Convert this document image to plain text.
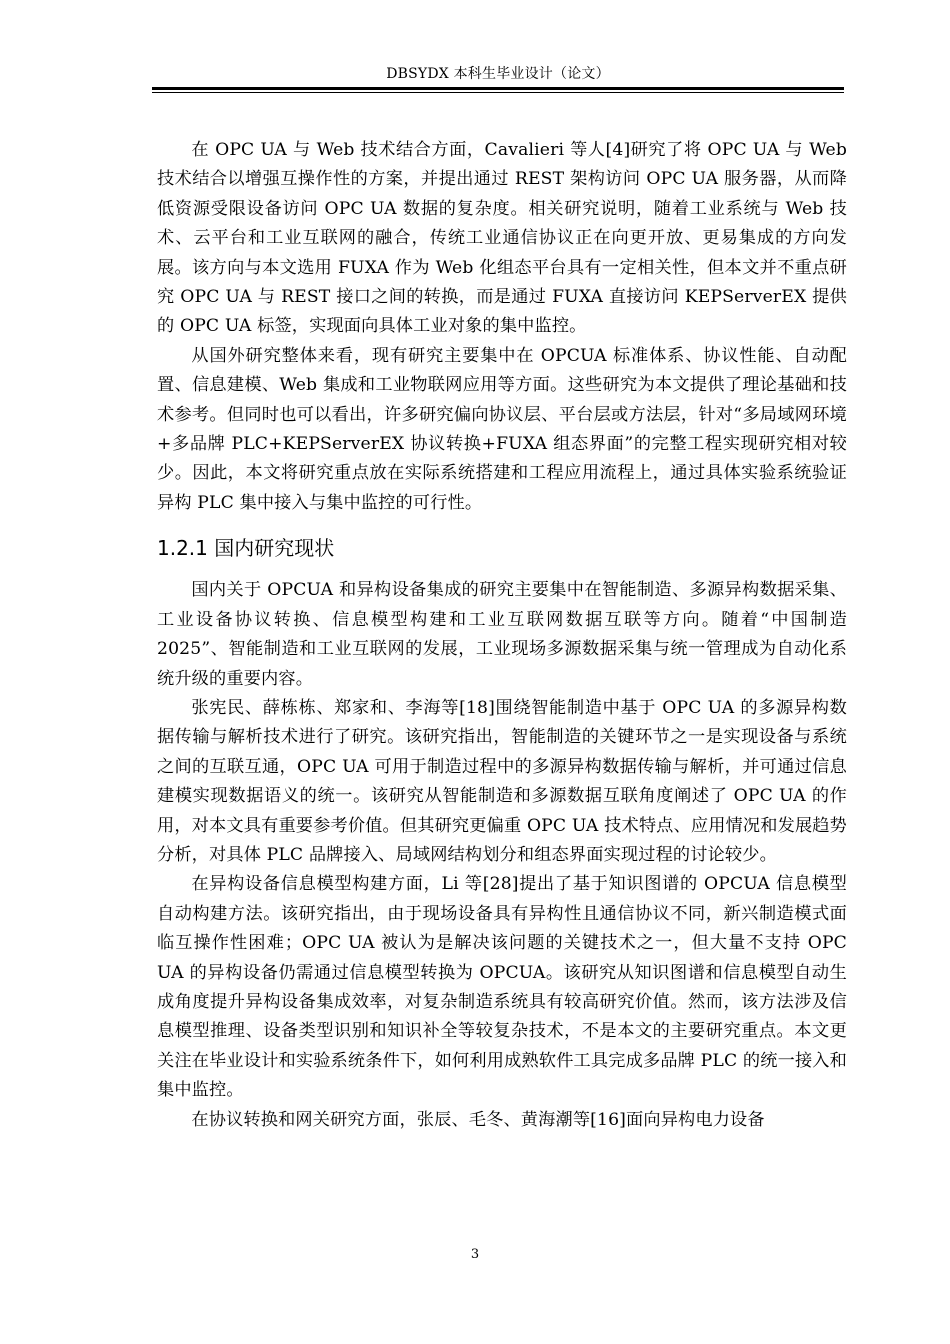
DBSYDX 本科生毕业设计（论文）

在 OPC UA 与 Web 技术结合方面，Cavalieri 等人[4]研究了将 OPC UA 与 Web 技术结合以增强互操作性的方案，并提出通过 REST 架构访问 OPC UA 服务器，从而降低资源受限设备访问 OPC UA 数据的复杂度。相关研究说明，随着工业系统与 Web 技术、云平台和工业互联网的融合，传统工业通信协议正在向更开放、更易集成的方向发展。该方向与本文选用 FUXA 作为 Web 化组态平台具有一定相关性，但本文并不重点研究 OPC UA 与 REST 接口之间的转换，而是通过 FUXA 直接访问 KEPServerEX 提供的 OPC UA 标签，实现面向具体工业对象的集中监控。

从国外研究整体来看，现有研究主要集中在 OPCUA 标准体系、协议性能、自动配置、信息建模、Web 集成和工业物联网应用等方面。这些研究为本文提供了理论基础和技术参考。但同时也可以看出，许多研究偏向协议层、平台层或方法层，针对“多局域网环境+多品牌 PLC+KEPServerEX 协议转换+FUXA 组态界面”的完整工程实现研究相对较少。因此，本文将研究重点放在实际系统搭建和工程应用流程上，通过具体实验系统验证异构 PLC 集中接入与集中监控的可行性。

1.2.1 国内研究现状

国内关于 OPCUA 和异构设备集成的研究主要集中在智能制造、多源异构数据采集、工业设备协议转换、信息模型构建和工业互联网数据互联等方向。随着“中国制造 2025”、智能制造和工业互联网的发展，工业现场多源数据采集与统一管理成为自动化系统升级的重要内容。

张宪民、薛栋栋、郑家和、李海等[18]围绕智能制造中基于 OPC UA 的多源异构数据传输与解析技术进行了研究。该研究指出，智能制造的关键环节之一是实现设备与系统之间的互联互通，OPC UA 可用于制造过程中的多源异构数据传输与解析，并可通过信息建模实现数据语义的统一。该研究从智能制造和多源数据互联角度阐述了 OPC UA 的作用，对本文具有重要参考价值。但其研究更偏重 OPC UA 技术特点、应用情况和发展趋势分析，对具体 PLC 品牌接入、局域网结构划分和组态界面实现过程的讨论较少。

在异构设备信息模型构建方面，Li 等[28]提出了基于知识图谱的 OPCUA 信息模型自动构建方法。该研究指出，由于现场设备具有异构性且通信协议不同，新兴制造模式面临互操作性困难；OPC UA 被认为是解决该问题的关键技术之一，但大量不支持 OPC UA 的异构设备仍需通过信息模型转换为 OPCUA。该研究从知识图谱和信息模型自动生成角度提升异构设备集成效率，对复杂制造系统具有较高研究价值。然而，该方法涉及信息模型推理、设备类型识别和知识补全等较复杂技术，不是本文的主要研究重点。本文更关注在毕业设计和实验系统条件下，如何利用成熟软件工具完成多品牌 PLC 的统一接入和集中监控。

在协议转换和网关研究方面，张辰、毛冬、黄海潮等[16]面向异构电力设备

3
